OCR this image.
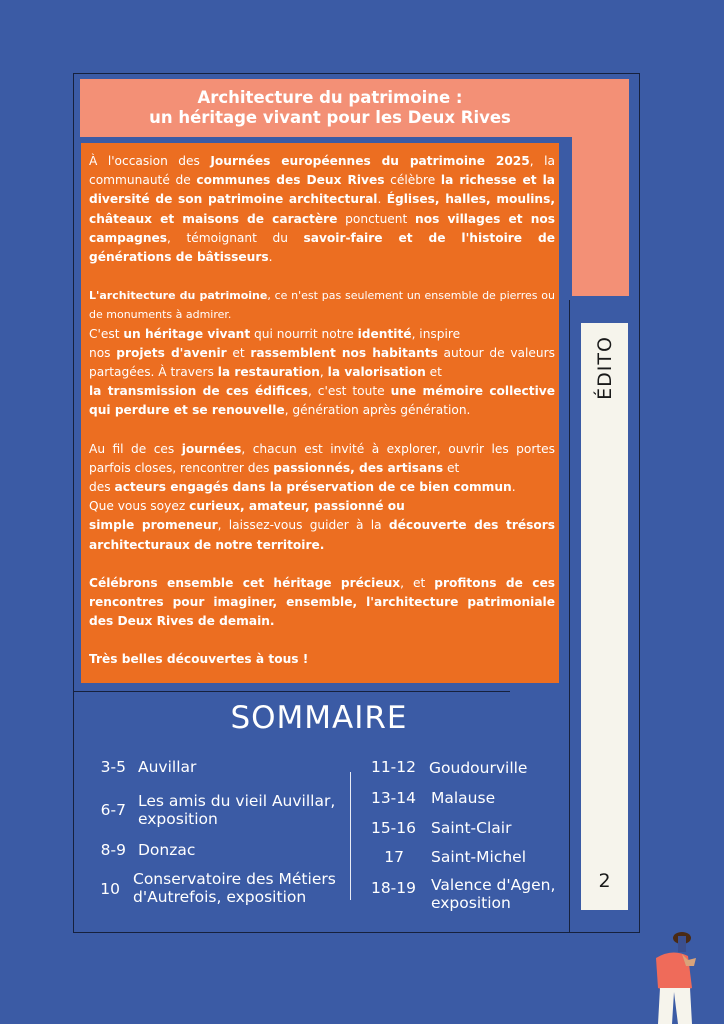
Architecture du patrimoine :
un héritage vivant pour les Deux Rives

À l'occasion des Journées européennes du patrimoine 2025, la communauté de communes des Deux Rives célèbre la richesse et la diversité de son patrimoine architectural. Églises, halles, moulins, châteaux et maisons de caractère ponctuent nos villages et nos campagnes, témoignant du savoir-faire et de l'histoire de générations de bâtisseurs.

L'architecture du patrimoine, ce n'est pas seulement un ensemble de pierres ou de monuments à admirer.
C'est un héritage vivant qui nourrit notre identité, inspire
nos projets d'avenir et rassemblent nos habitants autour de valeurs partagées. À travers la restauration, la valorisation et
la transmission de ces édifices, c'est toute une mémoire collective qui perdure et se renouvelle, génération après génération.

Au fil de ces journées, chacun est invité à explorer, ouvrir les portes parfois closes, rencontrer des passionnés, des artisans et
des acteurs engagés dans la préservation de ce bien commun.
Que vous soyez curieux, amateur, passionné ou
simple promeneur, laissez-vous guider à la découverte des trésors architecturaux de notre territoire.

Célébrons ensemble cet héritage précieux, et profitons de ces rencontres pour imaginer, ensemble, l'architecture patrimoniale des Deux Rives de demain.

Très belles découvertes à tous !

ÉDITO
2
SOMMAIRE
3-5 Auvillar
6-7 Les amis du vieil Auvillar,
exposition
8-9 Donzac
10
Conservatoire des Métiers
d'Autrefois, exposition
11-12 Goudourville
13-14 Malause
15-16 Saint-Clair
17 Saint-Michel
18-19 Valence d'Agen,
exposition
